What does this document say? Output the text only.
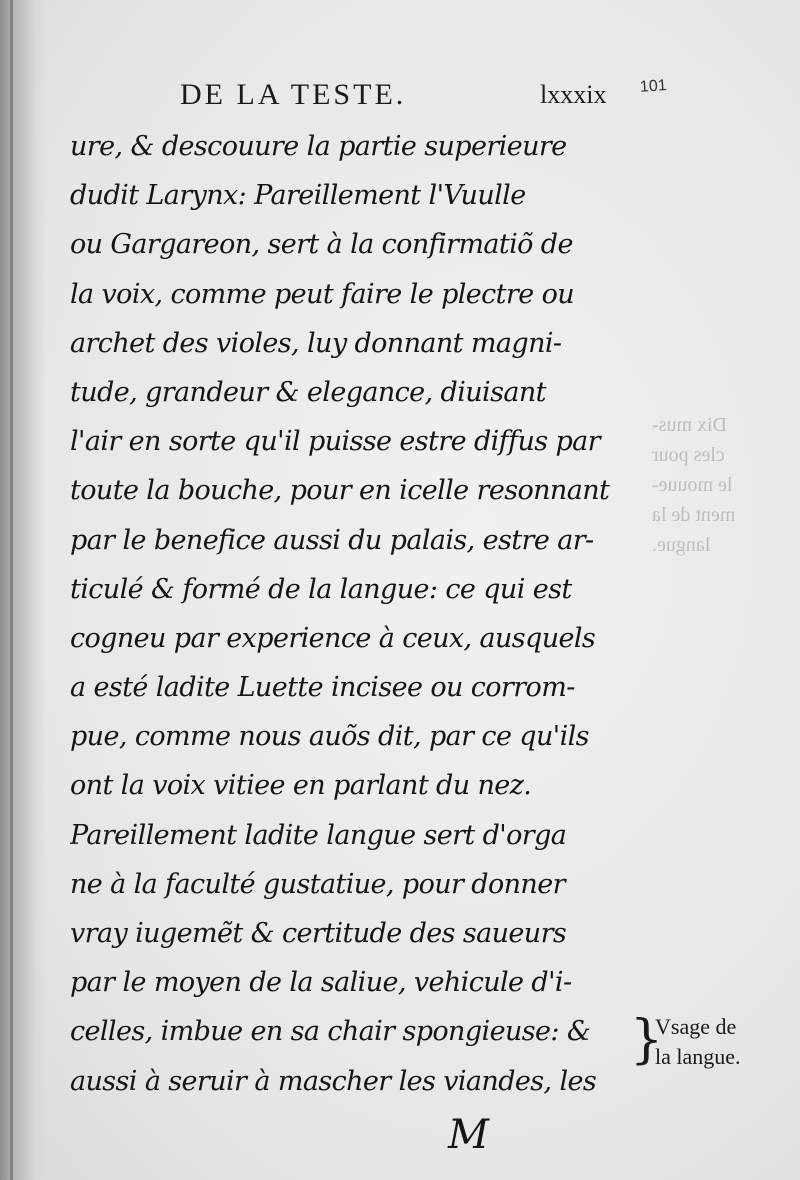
Dix mus-
cles pour
le mouue-
ment de la
langue.
DE LA TESTE.	lxxxix 101
ure, & descouure la partie superieure
dudit Larynx: Pareillement l'Vuulle
ou Gargareon, sert à la confirmatiõ de
la voix, comme peut faire le plectre ou
archet des violes, luy donnant magni-
tude, grandeur & elegance, diuisant
l'air en sorte qu'il puisse estre diffus par
toute la bouche, pour en icelle resonnant
par le benefice aussi du palais, estre ar-
ticulé & formé de la langue: ce qui est
cogneu par experience à ceux, ausquels
a esté ladite Luette incisee ou corrom-
pue, comme nous auõs dit, par ce qu'ils
ont la voix vitiee en parlant du nez.
Pareillement ladite langue sert d'orga
ne à la faculté gustatiue, pour donner
vray iugemẽt & certitude des saueurs
par le moyen de la saliue, vehicule d'i-
celles, imbue en sa chair spongieuse: &
aussi à seruir à mascher les viandes, les
}
Vsage de
la langue.
M
